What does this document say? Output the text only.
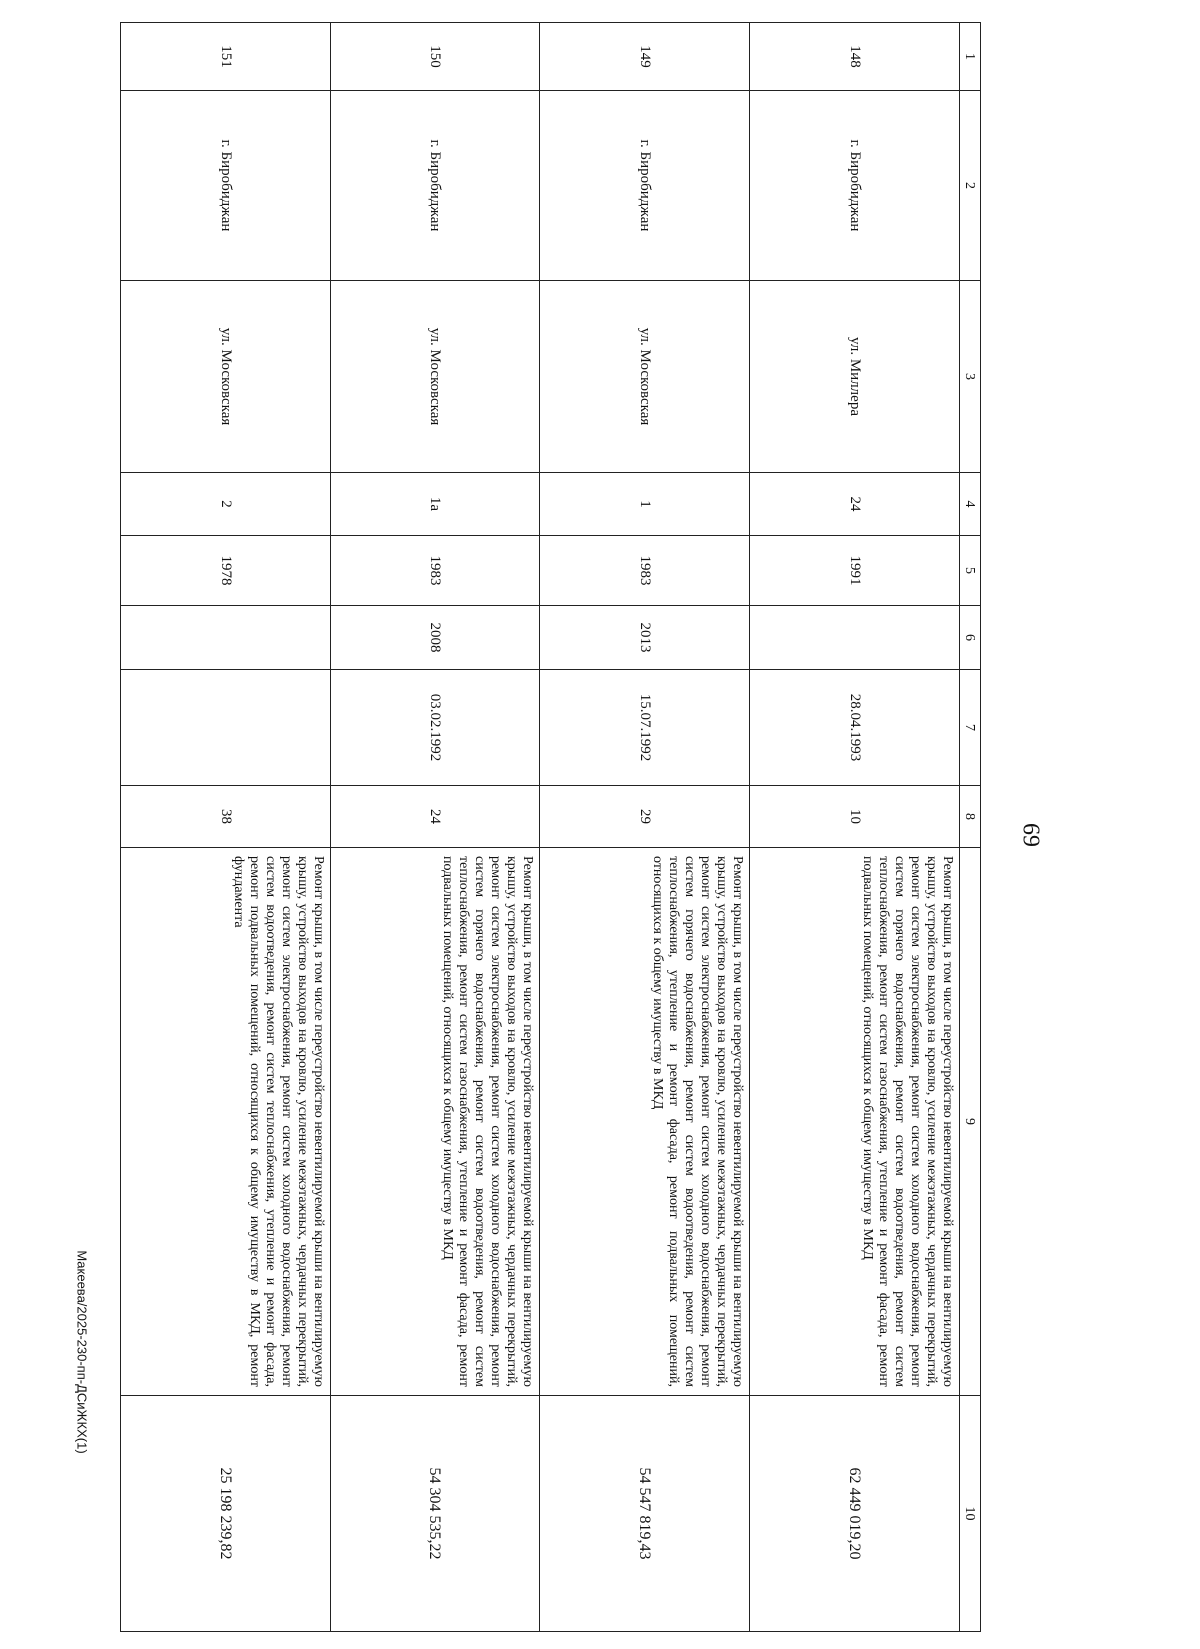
69
1	2	3	4	5	6	7	8	9	10
148	г. Биробиджан	ул. Миллера	24	1991		28.04.1993	10	Ремонт крыши, в том числе переустройство невентилируемой крыши на вентилируемую крышу, устройство выходов на кровлю, усиление межэтажных, чердачных перекрытий, ремонт систем электроснабжения, ремонт систем холодного водоснабжения, ремонт систем горячего водоснабжения, ремонт систем водоотведения, ремонт систем теплоснабжения, ремонт систем газоснабжения, утепление и ремонт фасада, ремонт подвальных помещений, относящихся к общему имуществу в МКД	62 449 019,20
149	г. Биробиджан	ул. Московская	1	1983	2013	15.07.1992	29	Ремонт крыши, в том числе переустройство невентилируемой крыши на вентилируемую крышу, устройство выходов на кровлю, усиление межэтажных, чердачных перекрытий, ремонт систем электроснабжения, ремонт систем холодного водоснабжения, ремонт систем горячего водоснабжения, ремонт систем водоотведения, ремонт систем теплоснабжения, утепление и ремонт фасада, ремонт подвальных помещений, относящихся к общему имуществу в МКД	54 547 819,43
150	г. Биробиджан	ул. Московская	1а	1983	2008	03.02.1992	24	Ремонт крыши, в том числе переустройство невентилируемой крыши на вентилируемую крышу, устройство выходов на кровлю, усиление межэтажных, чердачных перекрытий, ремонт систем электроснабжения, ремонт систем холодного водоснабжения, ремонт систем горячего водоснабжения, ремонт систем водоотведения, ремонт систем теплоснабжения, ремонт систем газоснабжения, утепление и ремонт фасада, ремонт подвальных помещений, относящихся к общему имуществу в МКД	54 304 535,22
151	г. Биробиджан	ул. Московская	2	1978			38	Ремонт крыши, в том числе переустройство невентилируемой крыши на вентилируемую крышу, устройство выходов на кровлю, усиление межэтажных, чердачных перекрытий, ремонт систем электроснабжения, ремонт систем холодного водоснабжения, ремонт систем водоотведения, ремонт систем теплоснабжения, утепление и ремонт фасада, ремонт подвальных помещений, относящихся к общему имуществу в МКД, ремонт фундамента	25 198 239,82
Макеева/2025-230-пп-ДСиЖКХ(1)
